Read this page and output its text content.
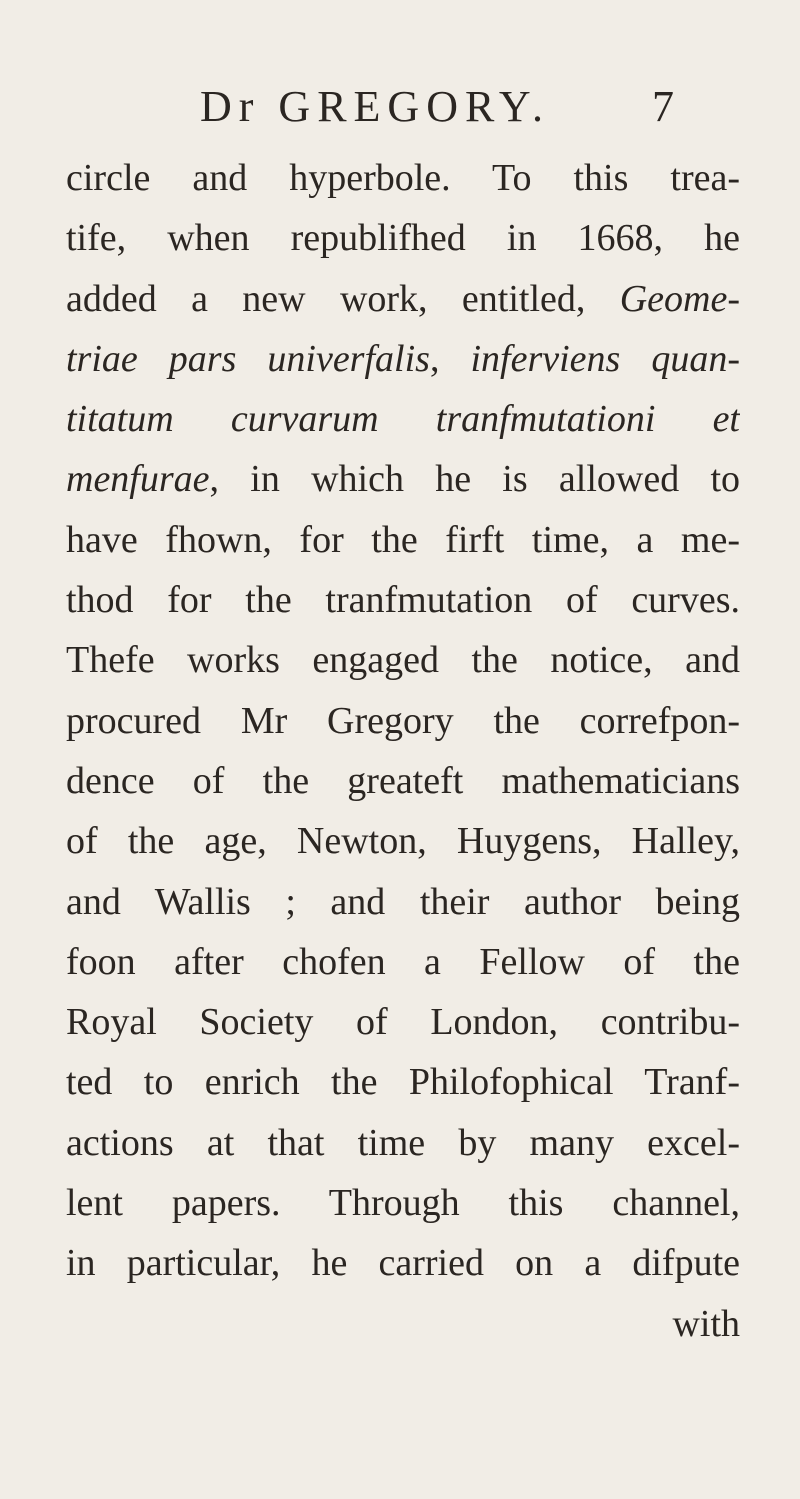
Dr GREGORY. 7
circle and hyperbole. To this trea-
tife, when republifhed in 1668, he
added a new work, entitled, Geome-
triae pars univerfalis, inferviens quan-
titatum curvarum tranfmutationi et
menfurae, in which he is allowed to
have fhown, for the firft time, a me-
thod for the tranfmutation of curves.
Thefe works engaged the notice, and
procured Mr Gregory the correfpon-
dence of the greateft mathematicians
of the age, Newton, Huygens, Halley,
and Wallis ; and their author being
foon after chofen a Fellow of the
Royal Society of London, contribu-
ted to enrich the Philofophical Tranf-
actions at that time by many excel-
lent papers. Through this channel,
in particular, he carried on a difpute
with
